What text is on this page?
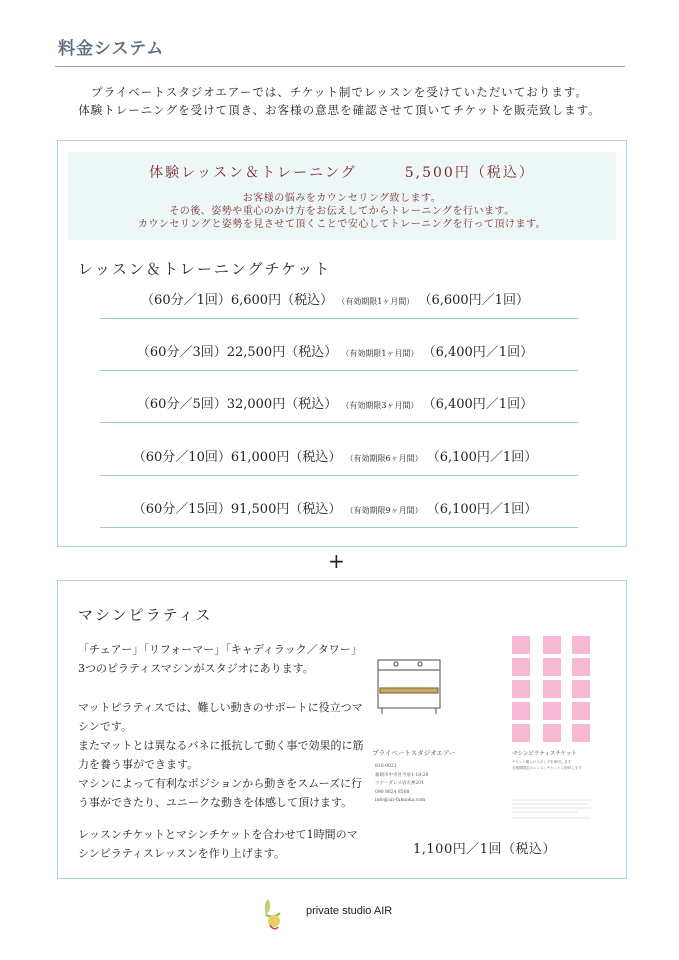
料金システム
プライベートスタジオエアーでは、チケット制でレッスンを受けていただいております。
体験トレーニングを受けて頂き、お客様の意思を確認させて頂いてチケットを販売致します。
体験レッスン＆トレーニング　　　5,500円（税込）
お客様の悩みをカウンセリング致します。
その後、姿勢や重心のかけ方をお伝えしてからトレーニングを行います。
カウンセリングと姿勢を見させて頂くことで安心してトレーニングを行って頂けます。
レッスン＆トレーニングチケット
（60分／1回）6,600円（税込） （有効期限1ヶ月間） （6,600円／1回）
（60分／3回）22,500円（税込） （有効期限1ヶ月間） （6,400円／1回）
（60分／5回）32,000円（税込） （有効期限3ヶ月間） （6,400円／1回）
（60分／10回）61,000円（税込） （有効期限6ヶ月間） （6,100円／1回）
（60分／15回）91,500円（税込） （有効期限9ヶ月間） （6,100円／1回）
+
マシンピラティス
「チェアー」「リフォーマー」「キャディラック／タワー」3つのピラティスマシンがスタジオにあります。
マットピラティスでは、難しい動きのサポートに役立つマシンです。
またマットとは異なるバネに抵抗して動く事で効果的に筋力を養う事ができます。
マシンによって有利なポジションから動きをスムーズに行う事ができたり、ユニークな動きを体感して頂けます。
レッスンチケットとマシンチケットを合わせて1時間のマシンピラティスレッスンを作り上げます。
プライベートスタジオエアー
810-0021
福岡市中央区今泉1-18-29
ツナーダレス岩天神201
090 8624 8508
info@air-fukuoka.com
マシンピラティスチケット
チケット購入のスタンプを押印します
全期間限定のレッスンチケットに押印します
1,100円／1回（税込）
private studio AIR
